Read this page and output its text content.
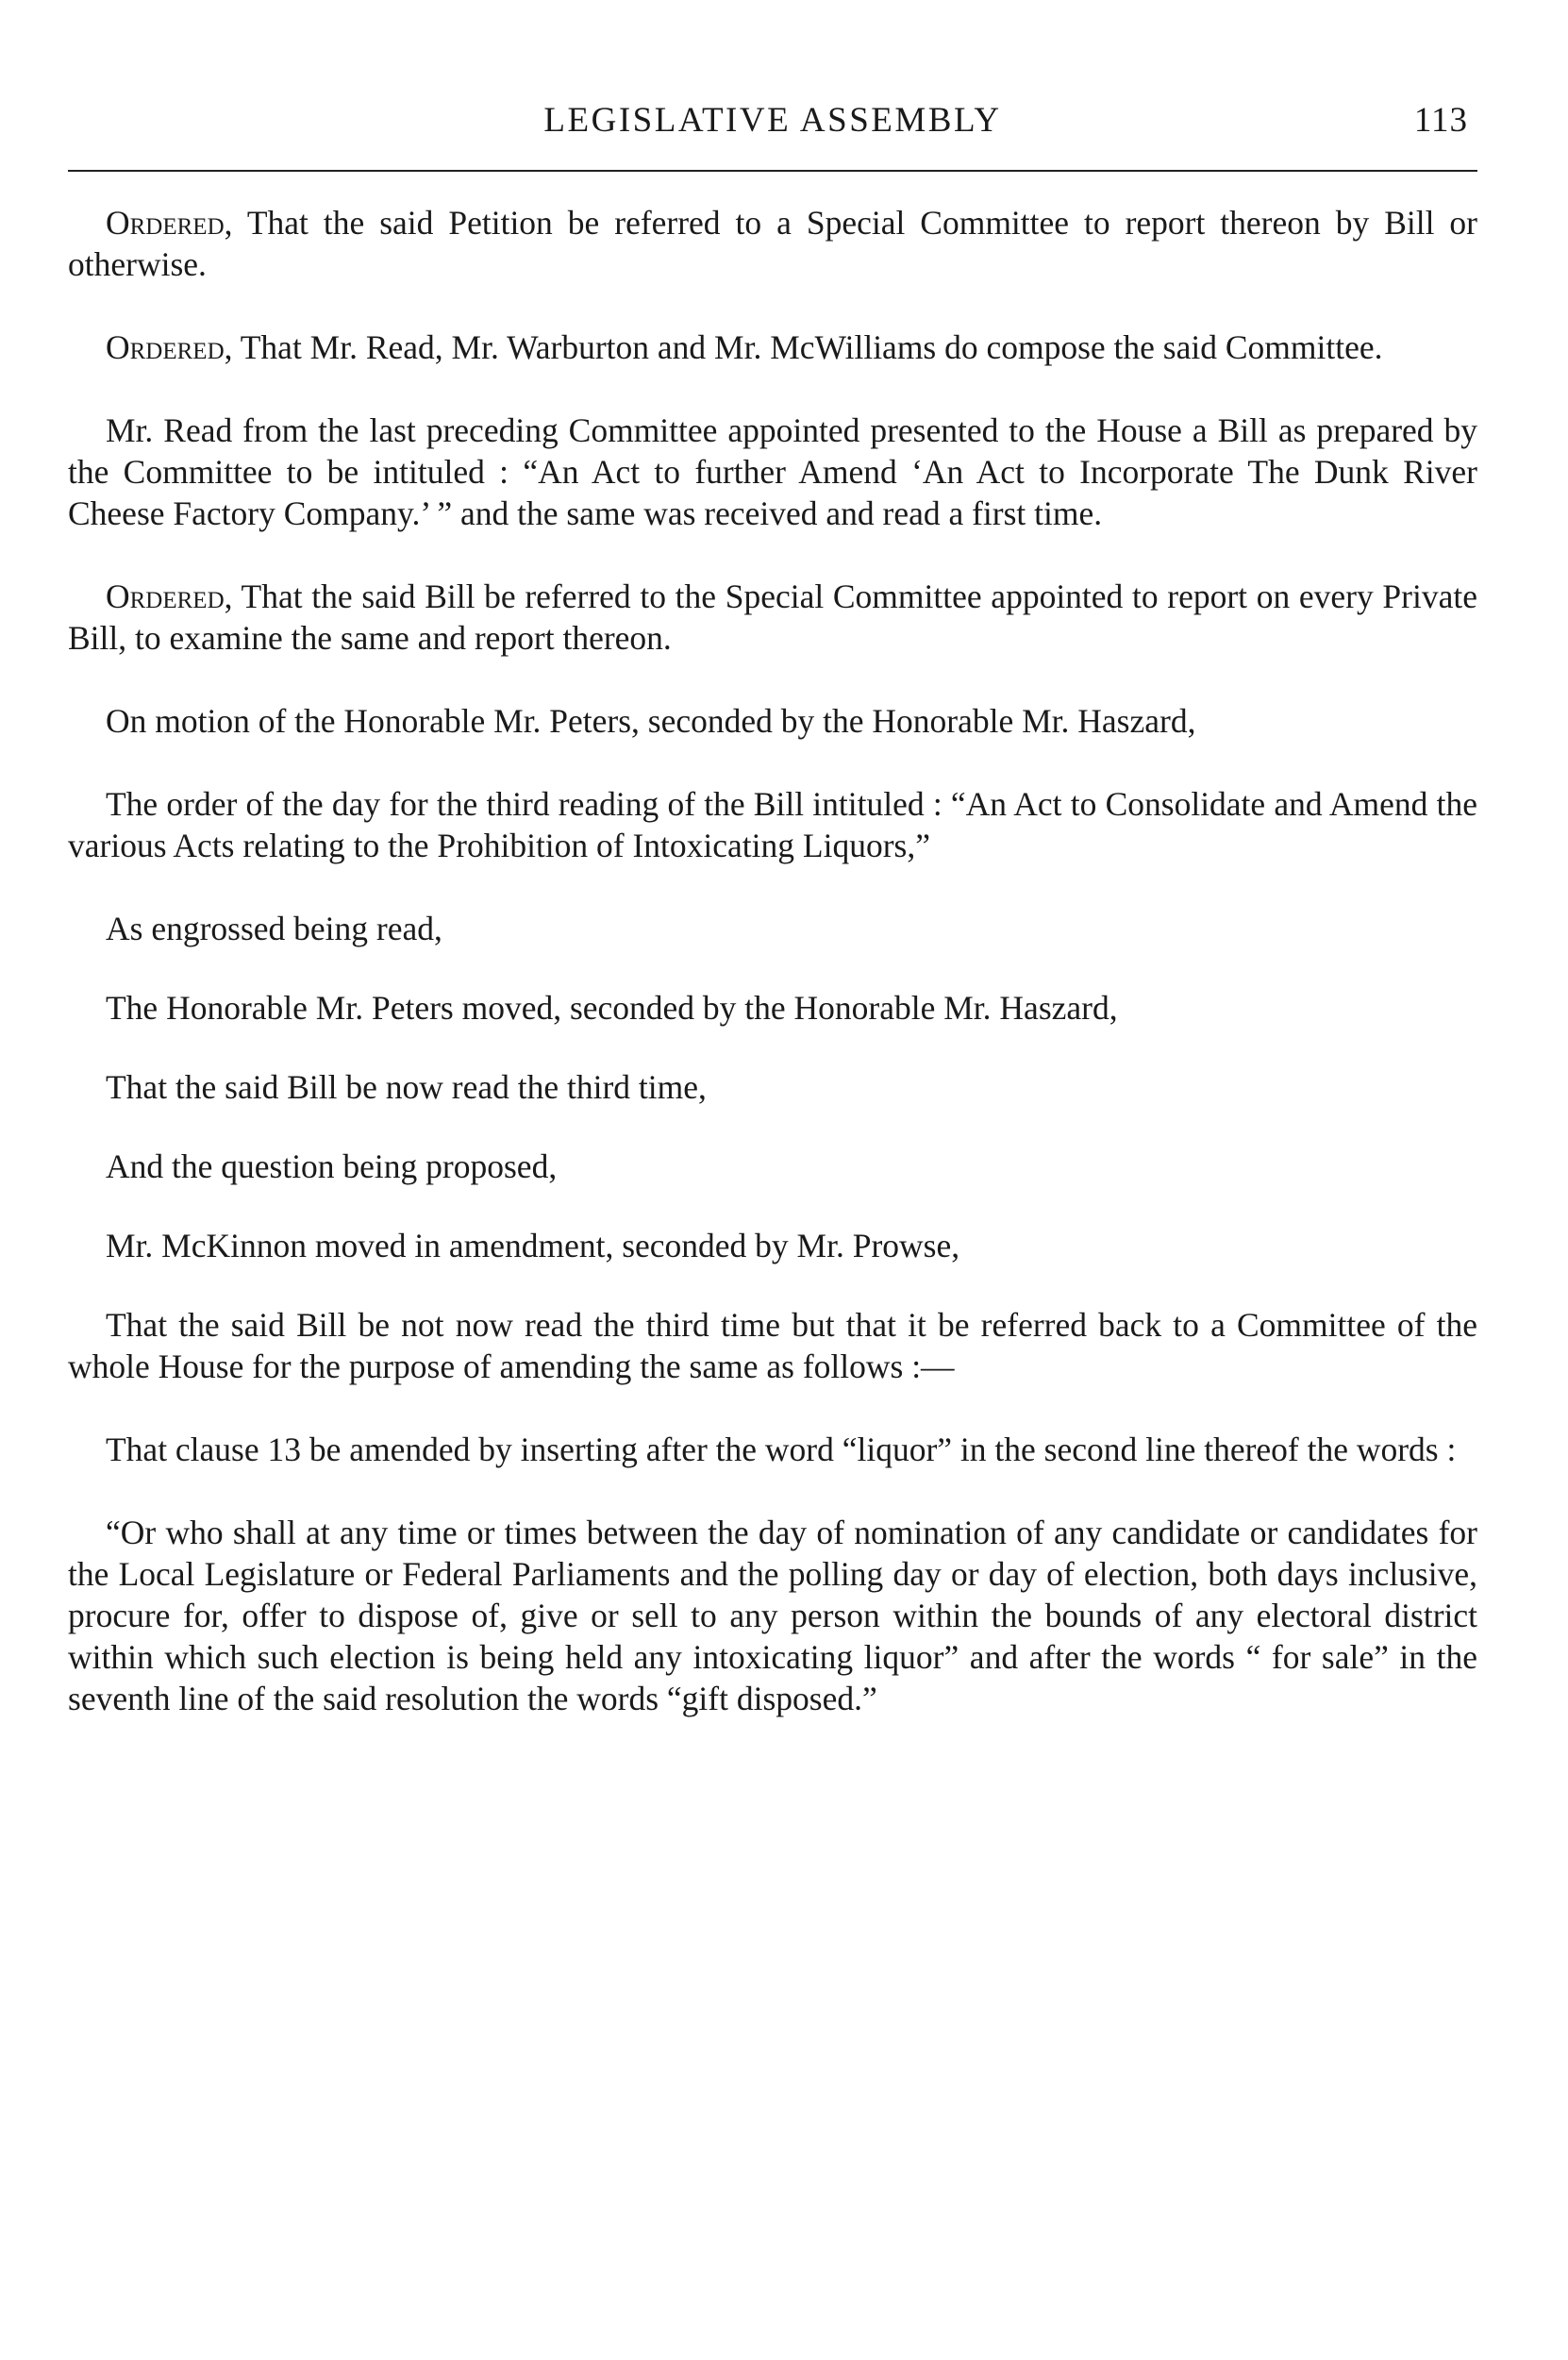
LEGISLATIVE ASSEMBLY	113

Ordered, That the said Petition be referred to a Special Committee to report thereon by Bill or otherwise.

Ordered, That Mr. Read, Mr. Warburton and Mr. McWilliams do compose the said Committee.

Mr. Read from the last preceding Committee appointed presented to the House a Bill as prepared by the Committee to be intituled : “An Act to further Amend ‘An Act to Incorporate The Dunk River Cheese Factory Company.’ ” and the same was received and read a first time.

Ordered, That the said Bill be referred to the Special Committee appointed to report on every Private Bill, to examine the same and report thereon.

On motion of the Honorable Mr. Peters, seconded by the Honorable Mr. Haszard,

The order of the day for the third reading of the Bill intituled : “An Act to Consolidate and Amend the various Acts relating to the Prohibition of Intoxicating Liquors,”

As engrossed being read,

The Honorable Mr. Peters moved, seconded by the Honorable Mr. Haszard,

That the said Bill be now read the third time,

And the question being proposed,

Mr. McKinnon moved in amendment, seconded by Mr. Prowse,

That the said Bill be not now read the third time but that it be referred back to a Committee of the whole House for the purpose of amending the same as follows :—

That clause 13 be amended by inserting after the word “liquor” in the second line thereof the words :

“Or who shall at any time or times between the day of nomination of any candidate or candidates for the Local Legislature or Federal Parliaments and the polling day or day of election, both days inclusive, procure for, offer to dispose of, give or sell to any person within the bounds of any electoral district within which such election is being held any intoxicating liquor” and after the words “ for sale” in the seventh line of the said resolution the words “gift disposed.”
